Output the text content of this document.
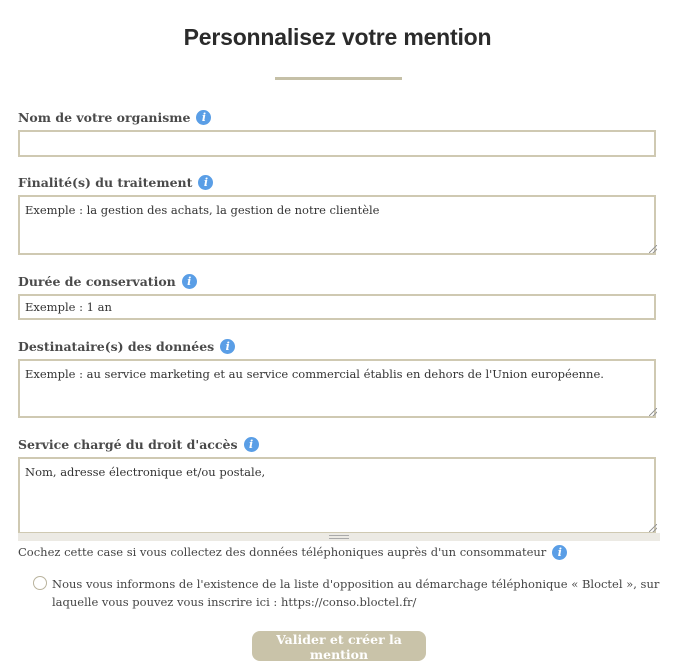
Personnalisez votre mention
Nom de votre organisme i
Finalité(s) du traitement i
Exemple : la gestion des achats, la gestion de notre clientèle
Durée de conservation i
Exemple : 1 an
Destinataire(s) des données i
Exemple : au service marketing et au service commercial établis en dehors de l'Union européenne.
Service chargé du droit d'accès i
Nom, adresse électronique et/ou postale,
Cochez cette case si vous collectez des données téléphoniques auprès d'un consommateur i
Nous vous informons de l'existence de la liste d'opposition au démarchage téléphonique « Bloctel », sur laquelle vous pouvez vous inscrire ici : https://conso.bloctel.fr/
Valider et créer la mention
